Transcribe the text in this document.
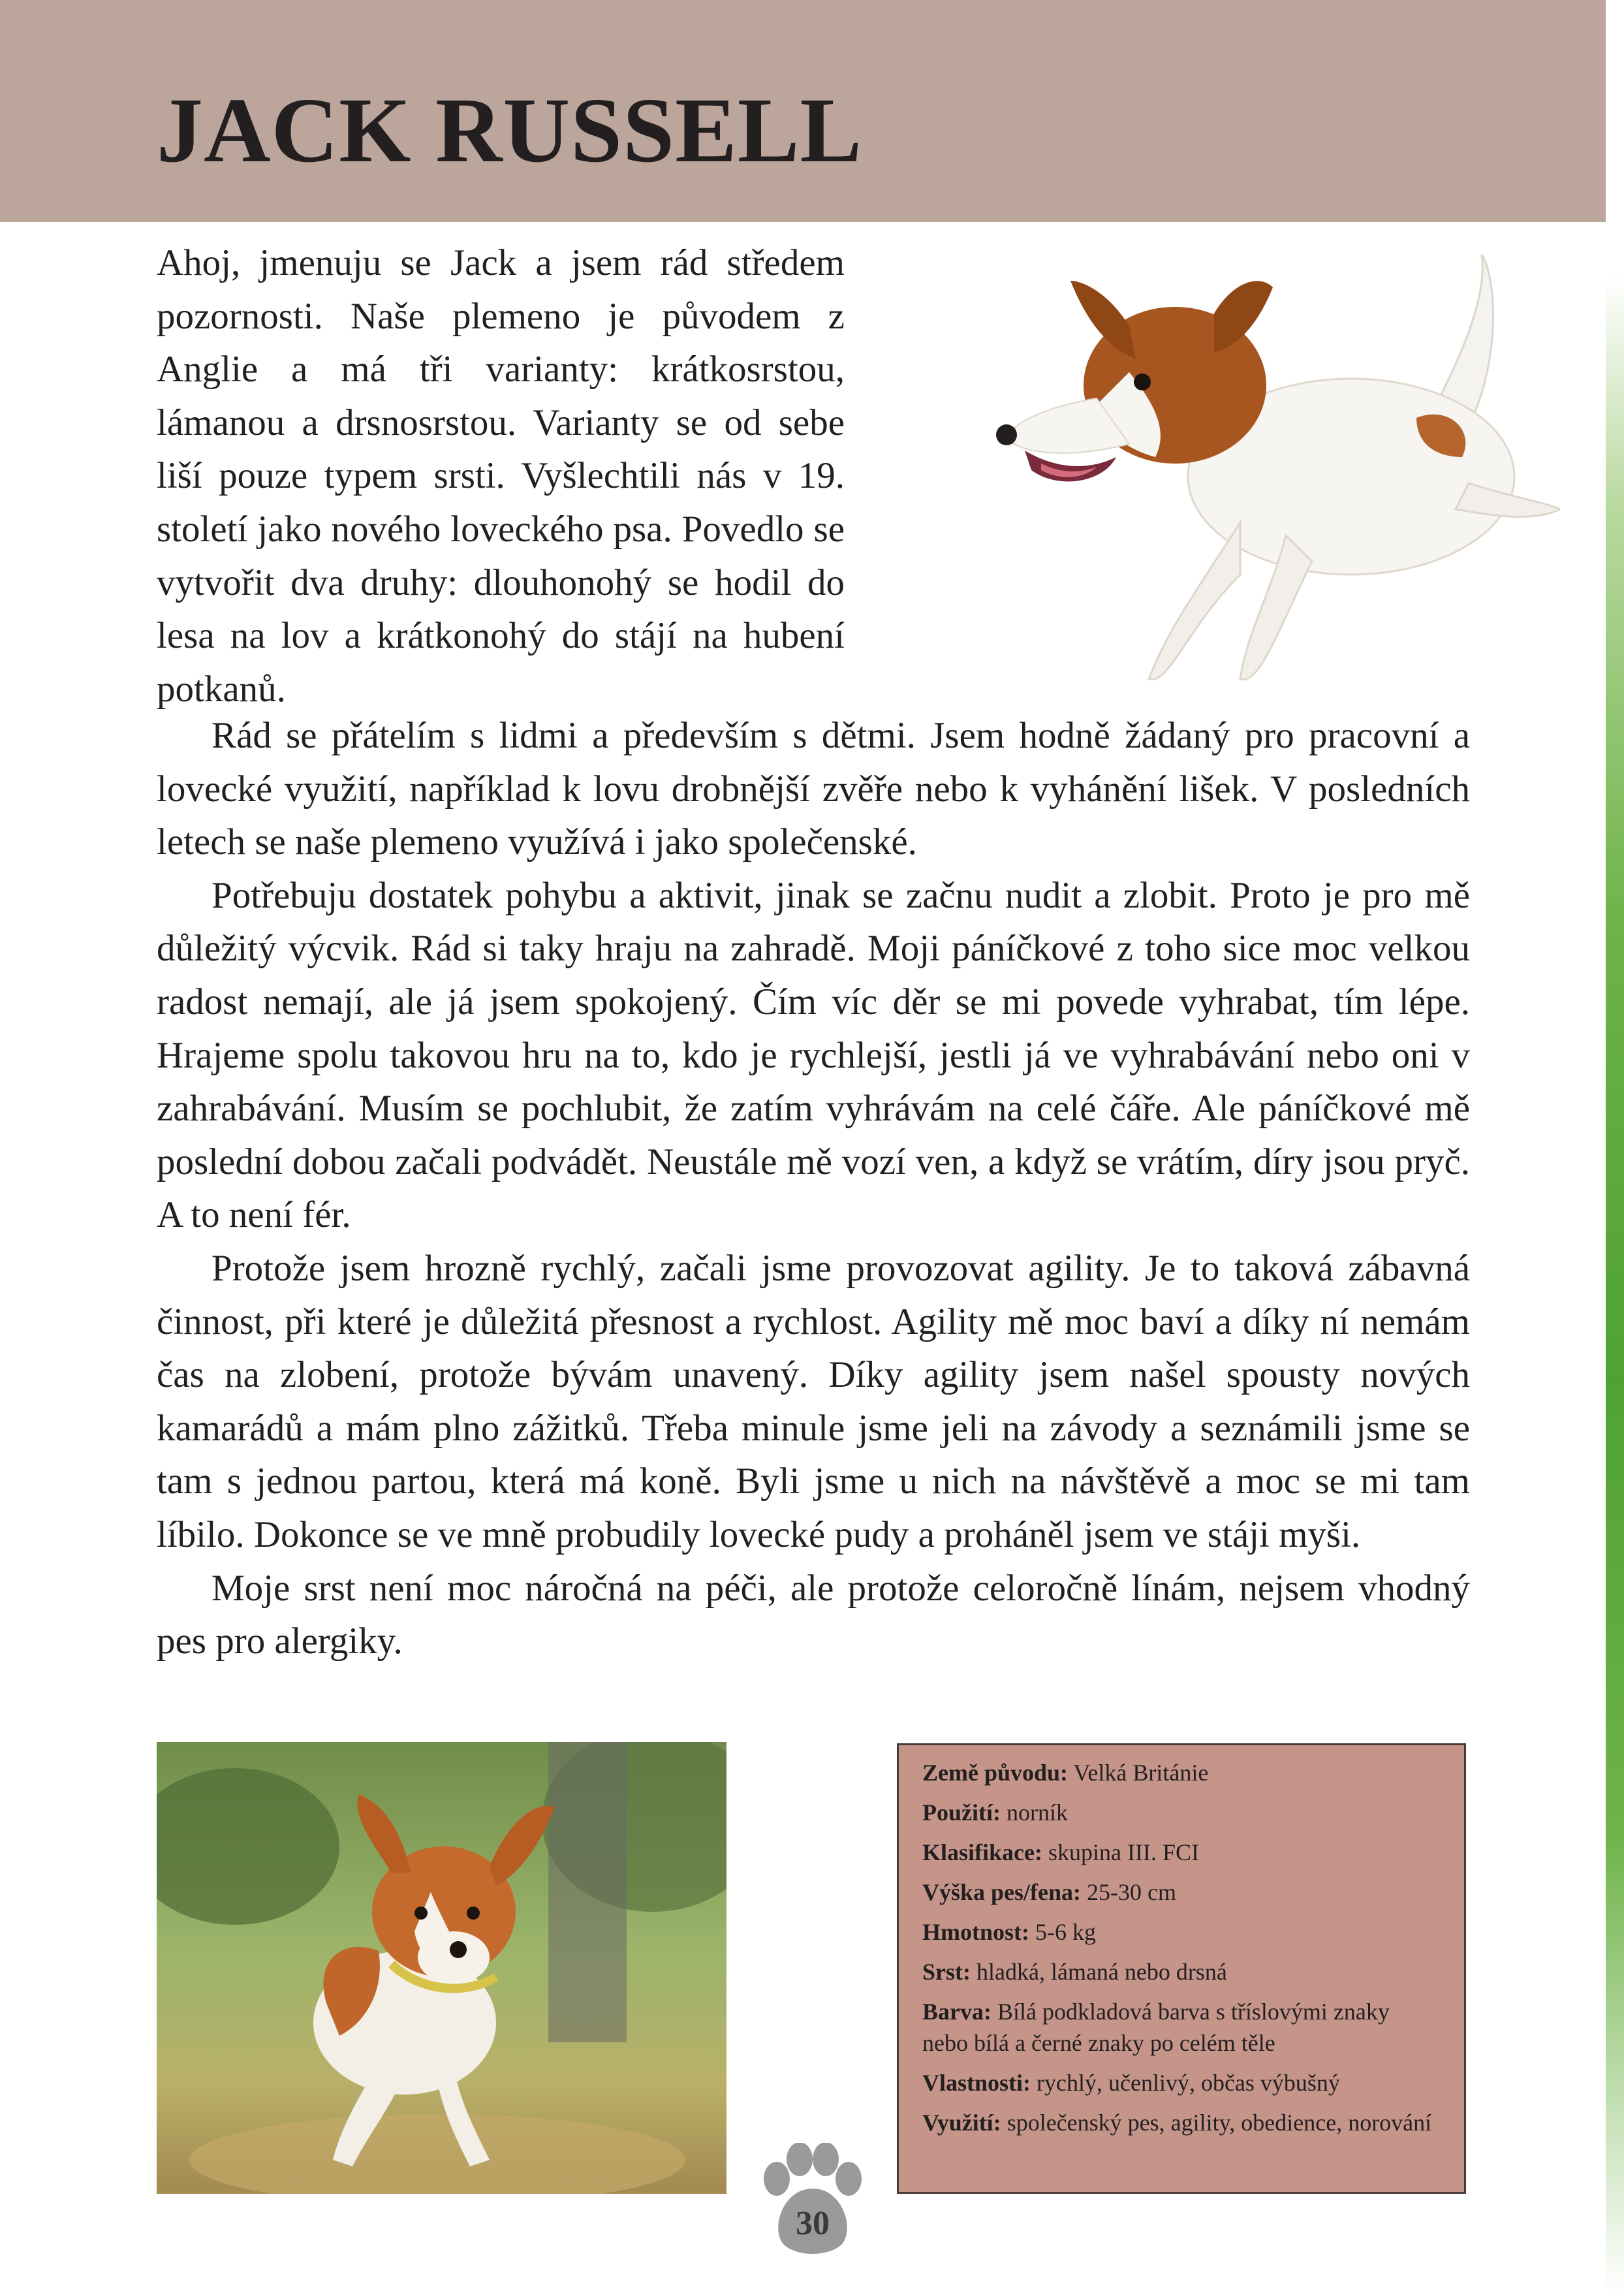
JACK RUSSELL

Ahoj, jmenuju se Jack a jsem rád středem pozornosti. Naše plemeno je původem z Anglie a má tři varianty: krátkosrstou, lámanou a drsnosrstou. Varianty se od sebe liší pouze typem srsti. Vyšlechtili nás v 19. století jako nového loveckého psa. Povedlo se vytvořit dva druhy: dlouhonohý se hodil do lesa na lov a krátkonohý do stájí na hubení potkanů.

Rád se přátelím s lidmi a především s dětmi. Jsem hodně žádaný pro pracovní a lovecké využití, například k lovu drobnější zvěře nebo k vyhánění lišek. V posledních letech se naše plemeno využívá i jako společenské.

Potřebuju dostatek pohybu a aktivit, jinak se začnu nudit a zlobit. Proto je pro mě důležitý výcvik. Rád si taky hraju na zahradě. Moji páníčkové z toho sice moc velkou radost nemají, ale já jsem spokojený. Čím víc děr se mi povede vyhrabat, tím lépe. Hrajeme spolu takovou hru na to, kdo je rychlejší, jestli já ve vyhrabávání nebo oni v zahrabávání. Musím se pochlubit, že zatím vyhrávám na celé čáře. Ale páníčkové mě poslední dobou začali podvádět. Neustále mě vozí ven, a když se vrátím, díry jsou pryč. A to není fér.

Protože jsem hrozně rychlý, začali jsme provozovat agility. Je to taková zábavná činnost, při které je důležitá přesnost a rychlost. Agility mě moc baví a díky ní nemám čas na zlobení, protože bývám unavený. Díky agility jsem našel spousty nových kamarádů a mám plno zážitků. Třeba minule jsme jeli na závody a seznámili jsme se tam s jednou partou, která má koně. Byli jsme u nich na návštěvě a moc se mi tam líbilo. Dokonce se ve mně probudily lovecké pudy a proháněl jsem ve stáji myši.

Moje srst není moc náročná na péči, ale protože celoročně línám, nejsem vhodný pes pro alergiky.

Země původu: Velká Británie
Použití: norník
Klasifikace: skupina III. FCI
Výška pes/fena: 25-30 cm
Hmotnost: 5-6 kg
Srst: hladká, lámaná nebo drsná
Barva: Bílá podkladová barva s tříslovými znaky nebo bílá a černé znaky po celém těle
Vlastnosti: rychlý, učenlivý, občas výbušný
Využití: společenský pes, agility, obedience, norování
30
